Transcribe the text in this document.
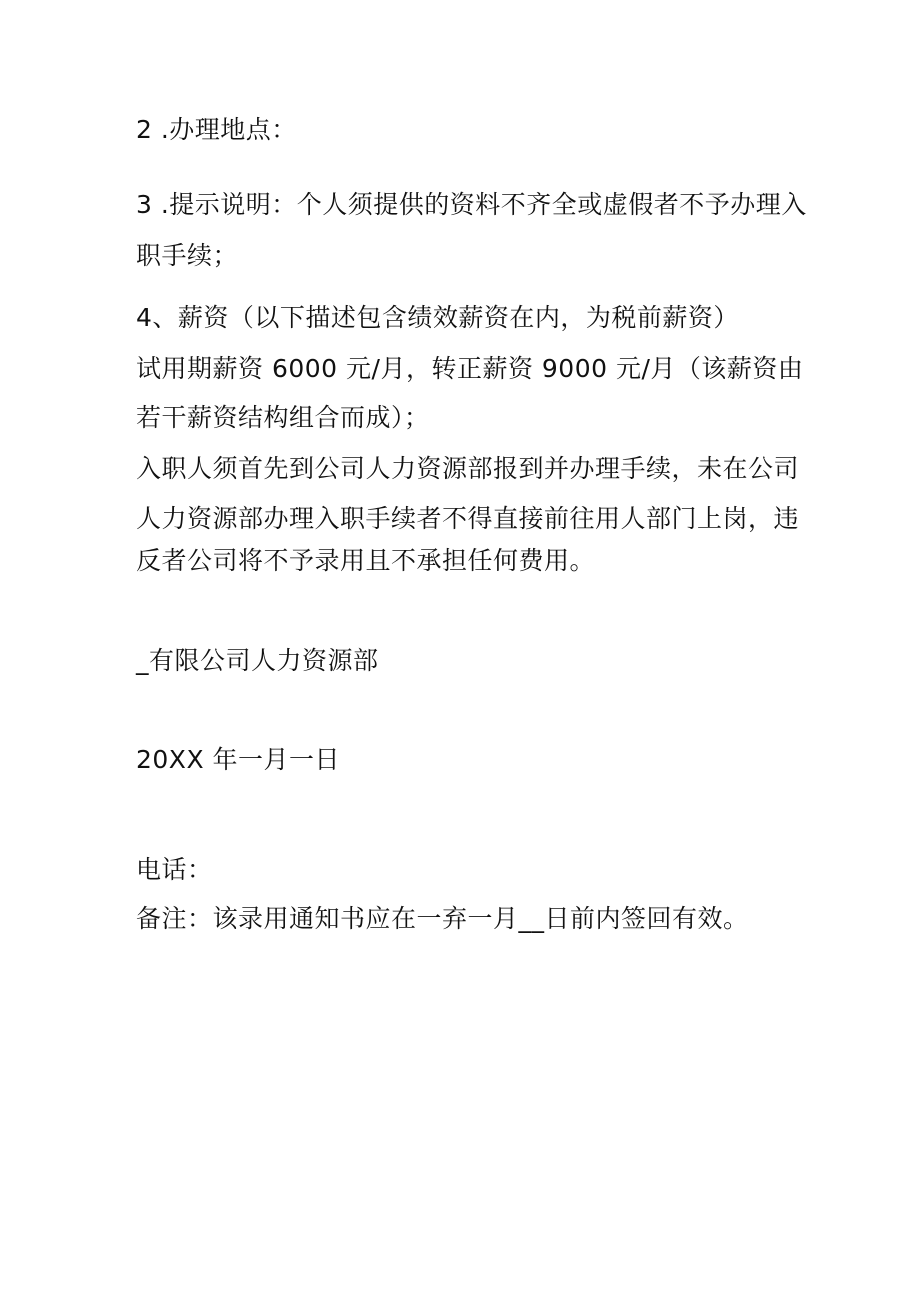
2 .办理地点：
3 .提示说明：个人须提供的资料不齐全或虚假者不予办理入
职手续；
4、薪资（以下描述包含绩效薪资在内，为税前薪资）
试用期薪资 6000 元/月，转正薪资 9000 元/月（该薪资由
若干薪资结构组合而成）；
入职人须首先到公司人力资源部报到并办理手续，未在公司
人力资源部办理入职手续者不得直接前往用人部门上岗，违
反者公司将不予录用且不承担任何费用。
_有限公司人力资源部
20XX 年一月一日
电话：
备注：该录用通知书应在一弃一月__日前内签回有效。
